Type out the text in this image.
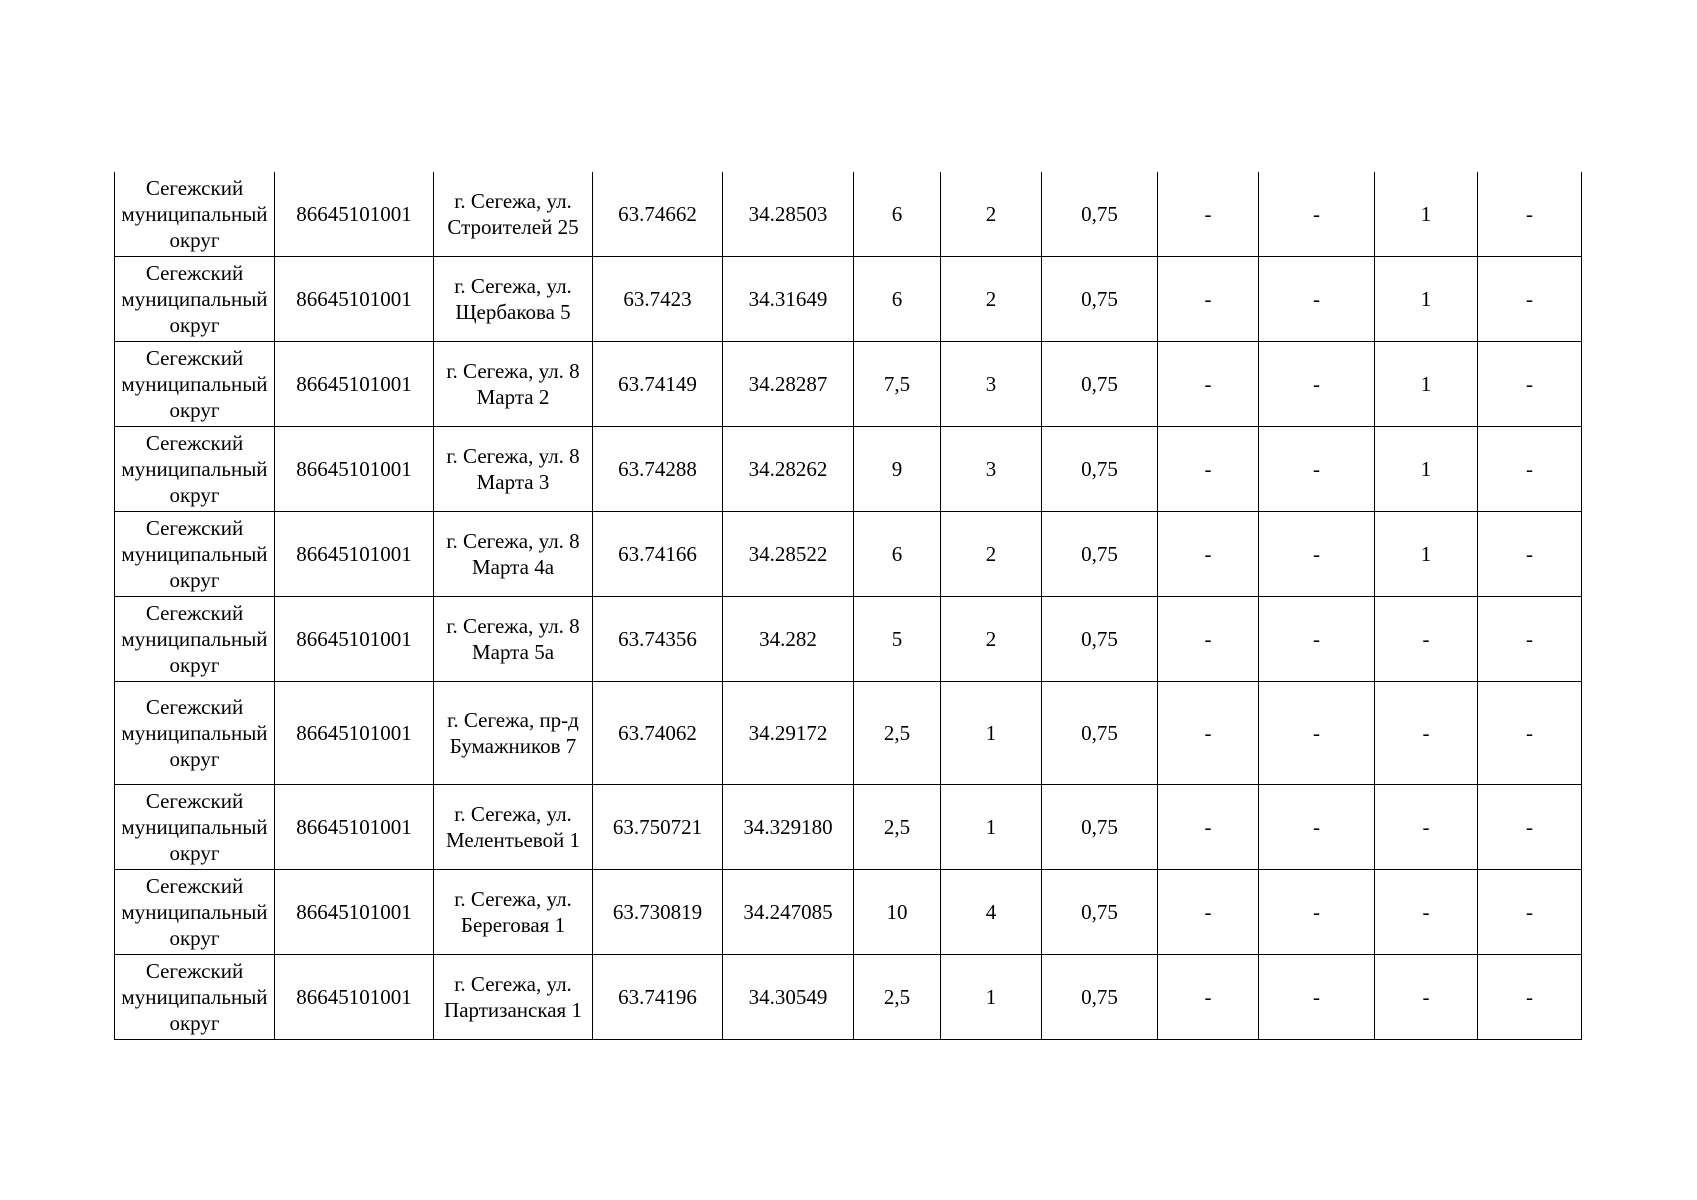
Сегежский муниципальный округ	86645101001	г. Сегежа, ул. Строителей 25	63.74662	34.28503	6	2	0,75	-	-	1	-
Сегежский муниципальный округ	86645101001	г. Сегежа, ул. Щербакова 5	63.7423	34.31649	6	2	0,75	-	-	1	-
Сегежский муниципальный округ	86645101001	г. Сегежа, ул. 8 Марта 2	63.74149	34.28287	7,5	3	0,75	-	-	1	-
Сегежский муниципальный округ	86645101001	г. Сегежа, ул. 8 Марта 3	63.74288	34.28262	9	3	0,75	-	-	1	-
Сегежский муниципальный округ	86645101001	г. Сегежа, ул. 8 Марта 4а	63.74166	34.28522	6	2	0,75	-	-	1	-
Сегежский муниципальный округ	86645101001	г. Сегежа, ул. 8 Марта 5а	63.74356	34.282	5	2	0,75	-	-	-	-
Сегежский муниципальный округ	86645101001	г. Сегежа, пр-д Бумажников 7	63.74062	34.29172	2,5	1	0,75	-	-	-	-
Сегежский муниципальный округ	86645101001	г. Сегежа, ул. Мелентьевой 1	63.750721	34.329180	2,5	1	0,75	-	-	-	-
Сегежский муниципальный округ	86645101001	г. Сегежа, ул. Береговая 1	63.730819	34.247085	10	4	0,75	-	-	-	-
Сегежский муниципальный округ	86645101001	г. Сегежа, ул. Партизанская 1	63.74196	34.30549	2,5	1	0,75	-	-	-	-
